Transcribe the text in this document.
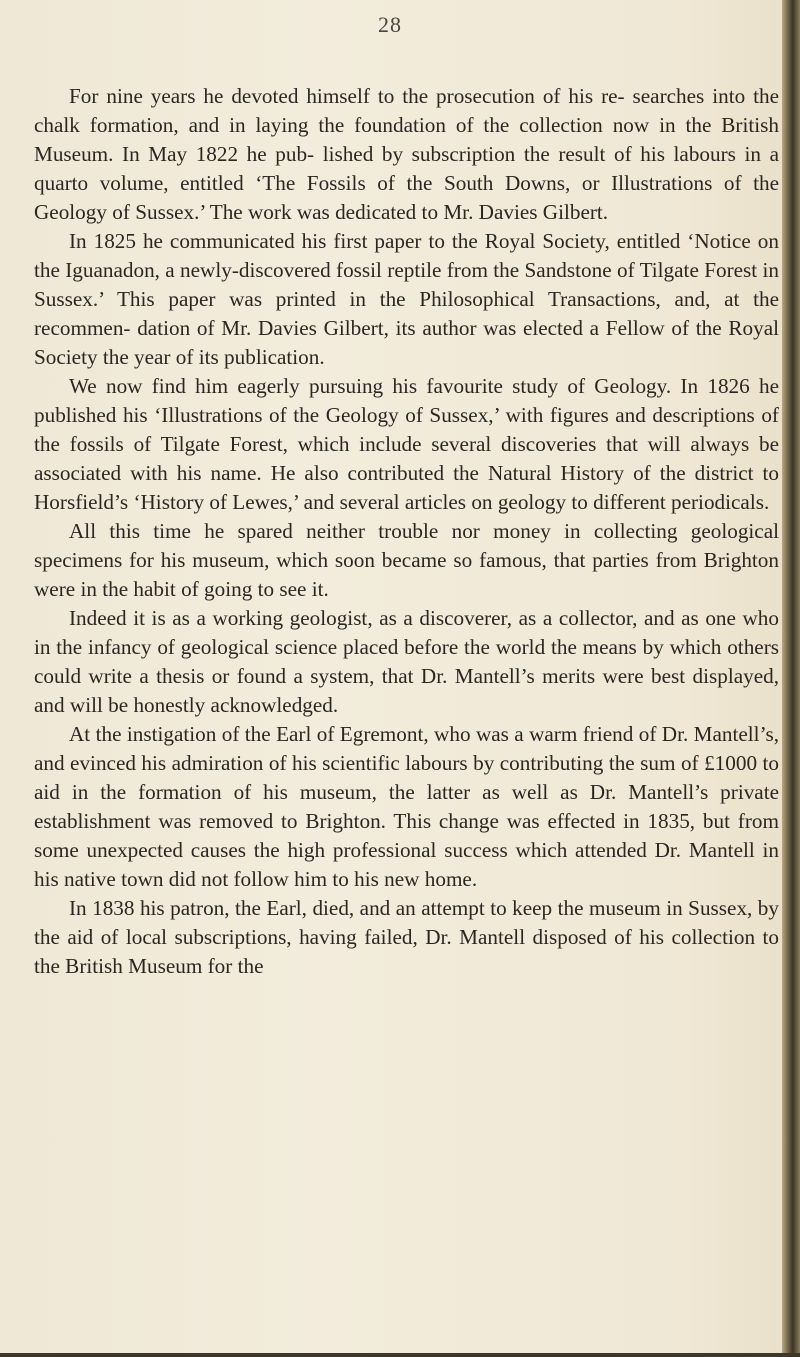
28

For nine years he devoted himself to the prosecution of his re- searches into the chalk formation, and in laying the foundation of the collection now in the British Museum. In May 1822 he pub- lished by subscription the result of his labours in a quarto volume, entitled ‘The Fossils of the South Downs, or Illustrations of the Geology of Sussex.’ The work was dedicated to Mr. Davies Gilbert.

In 1825 he communicated his first paper to the Royal Society, entitled ‘Notice on the Iguanadon, a newly-discovered fossil reptile from the Sandstone of Tilgate Forest in Sussex.’ This paper was printed in the Philosophical Transactions, and, at the recommen- dation of Mr. Davies Gilbert, its author was elected a Fellow of the Royal Society the year of its publication.

We now find him eagerly pursuing his favourite study of Geology. In 1826 he published his ‘Illustrations of the Geology of Sussex,’ with figures and descriptions of the fossils of Tilgate Forest, which include several discoveries that will always be associated with his name. He also contributed the Natural History of the district to Horsfield’s ‘History of Lewes,’ and several articles on geology to different periodicals.

All this time he spared neither trouble nor money in collecting geological specimens for his museum, which soon became so famous, that parties from Brighton were in the habit of going to see it.

Indeed it is as a working geologist, as a discoverer, as a collector, and as one who in the infancy of geological science placed before the world the means by which others could write a thesis or found a system, that Dr. Mantell’s merits were best displayed, and will be honestly acknowledged.

At the instigation of the Earl of Egremont, who was a warm friend of Dr. Mantell’s, and evinced his admiration of his scientific labours by contributing the sum of £1000 to aid in the formation of his museum, the latter as well as Dr. Mantell’s private establishment was removed to Brighton. This change was effected in 1835, but from some unexpected causes the high professional success which attended Dr. Mantell in his native town did not follow him to his new home.

In 1838 his patron, the Earl, died, and an attempt to keep the museum in Sussex, by the aid of local subscriptions, having failed, Dr. Mantell disposed of his collection to the British Museum for the
